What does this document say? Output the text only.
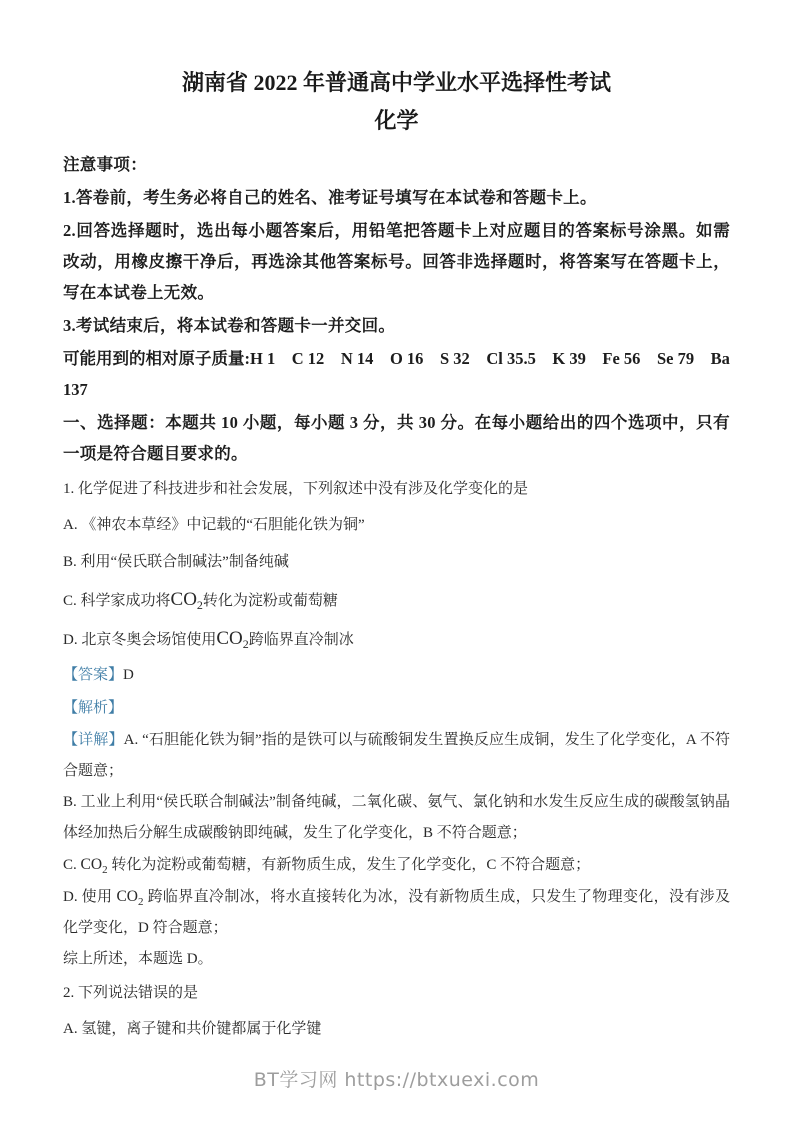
湖南省 2022 年普通高中学业水平选择性考试
化学

注意事项：

1.答卷前，考生务必将自己的姓名、准考证号填写在本试卷和答题卡上。

2.回答选择题时，选出每小题答案后，用铅笔把答题卡上对应题目的答案标号涂黑。如需改动，用橡皮擦干净后，再选涂其他答案标号。回答非选择题时，将答案写在答题卡上，写在本试卷上无效。

3.考试结束后，将本试卷和答题卡一并交回。

可能用到的相对原子质量:H 1 C 12 N 14 O 16 S 32 Cl 35.5 K 39 Fe 56 Se 79 Ba

137

一、选择题：本题共 10 小题，每小题 3 分，共 30 分。在每小题给出的四个选项中，只有一项是符合题目要求的。

1. 化学促进了科技进步和社会发展，下列叙述中没有涉及化学变化的是

A. 《神农本草经》中记载的“石胆能化铁为铜”

B. 利用“侯氏联合制碱法”制备纯碱

C. 科学家成功将$CO_2$转化为淀粉或葡萄糖

D. 北京冬奥会场馆使用$CO_2$跨临界直冷制冰

【答案】D

【解析】

【详解】A. “石胆能化铁为铜”指的是铁可以与硫酸铜发生置换反应生成铜，发生了化学变化，A 不符合题意；

B. 工业上利用“侯氏联合制碱法”制备纯碱，二氧化碳、氨气、氯化钠和水发生反应生成的碳酸氢钠晶体经加热后分解生成碳酸钠即纯碱，发生了化学变化，B 不符合题意；

C. $CO_2$ 转化为淀粉或葡萄糖，有新物质生成，发生了化学变化，C 不符合题意；

D. 使用 $CO_2$ 跨临界直冷制冰，将水直接转化为冰，没有新物质生成，只发生了物理变化，没有涉及化学变化，D 符合题意；

综上所述，本题选 D。

2. 下列说法错误的是

A. 氢键，离子键和共价键都属于化学键

BT学习网 https://btxuexi.com
